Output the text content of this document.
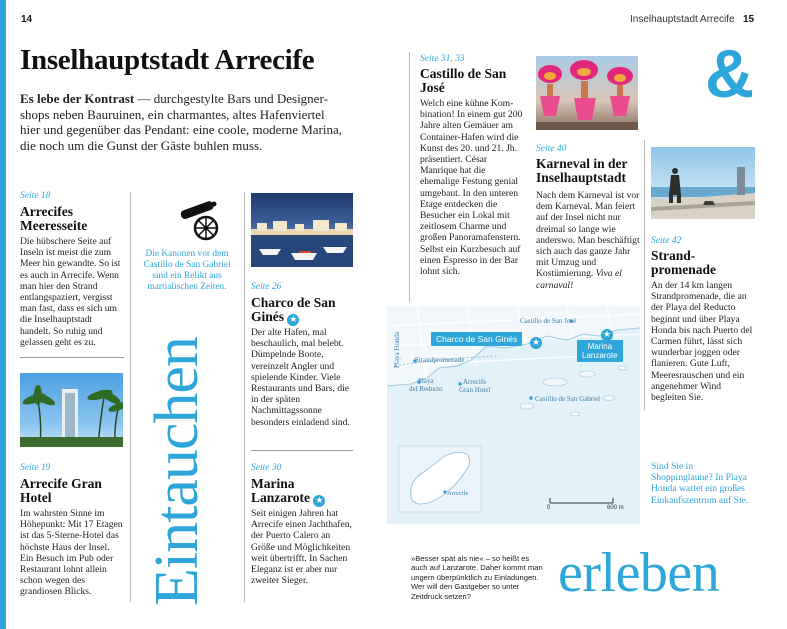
14	Inselhauptstadt Arrecife 15
Inselhauptstadt Arrecife
Es lebe der Kontrast — durchgestylte Bars und Designershops neben Bauruinen, ein charmantes, altes Hafenviertel hier und gegenüber das Pendant: eine coole, moderne Marina, die noch um die Gunst der Gäste buhlen muss.
Seite 18
Arrecifes Meeresseite
Die hübschere Seite auf Inseln ist meist die zum Meer hin gewandte. So ist es auch in Arrecife. Wenn man hier den Strand entlangspaziert, vergisst man fast, dass es sich um die Inselhauptstadt handelt. So ruhig und gelassen geht es zu.
Seite 19
Arrecife Gran Hotel
Im wahrsten Sinne im Höhepunkt: Mit 17 Etagen ist das 5-Sterne-Hotel das höchste Haus der Insel. Ein Besuch im Pub oder Restaurant lohnt allein schon wegen des grandiosen Blicks.
Die Kanonen vor dem Castillo de San Gabriel sind ein Relikt aus martialischen Zeiten.
Eintauchen
Seite 26
Charco de San Ginés ★
Der alte Hafen, mal beschaulich, mal belebt. Dümpelnde Boote, vereinzelt Angler und spielende Kinder. Viele Restaurants und Bars, die in der späten Nachmittagssonne besonders einladend sind.
Seite 30
Marina Lanzarote ★
Seit einigen Jahren hat Arrecife einen Jachthafen, der Puerto Calero an Größe und Möglichkeiten weit übertrifft. In Sachen Eleganz ist er aber nur zweiter Sieger.
Seite 31, 33
Castillo de San José
Welch eine kühne Kombination! In einem gut 200 Jahre alten Gemäuer am Container-Hafen wird die Kunst des 20. und 21. Jh. präsentiert. César Manrique hat die ehemalige Festung genial umgebaut. In den unteren Etage entdecken die Besucher ein Lokal mit zeitlosem Charme und großen Panoramafenstern. Selbst ein Kurzbesuch auf einen Espresso in der Bar lohnt sich.
Seite 40
Karneval in der Inselhauptstadt
Nach dem Karneval ist vor dem Karneval. Man feiert auf der Insel nicht nur dreimal so lange wie anderswo. Man beschäftigt sich auch das ganze Jahr mit Umzug und Kostümierung. Viva el carnaval!
&
Seite 42
Strandpromenade
An der 14 km langen Strandpromenade, die an der Playa del Reducto beginnt und über Playa Honda bis nach Puerto del Carmen führt, lässt sich wunderbar joggen oder flanieren. Gute Luft, Meeresrauschen und ein angenehmer Wind begleiten Sie.
Sind Sie in Shoppinglaune? In Playa Honda wartet ein großes Einkaufszentrum auf Sie.
Charco de San Ginés	★	Marina
Lanzarote
★
Castillo de San José
Playa Honda Strandpromenade
Playa
del Reducto
Arrecife
Gran Hotel
Castillo de San Gabriel
Arrecife
0	600 m
»Besser spät als nie« – so heißt es auch auf Lanzarote. Daher kommt man ungern überpünktlich zu Einladungen. Wer will den Gastgeber so unter Zeitdruck setzen?	erleben
